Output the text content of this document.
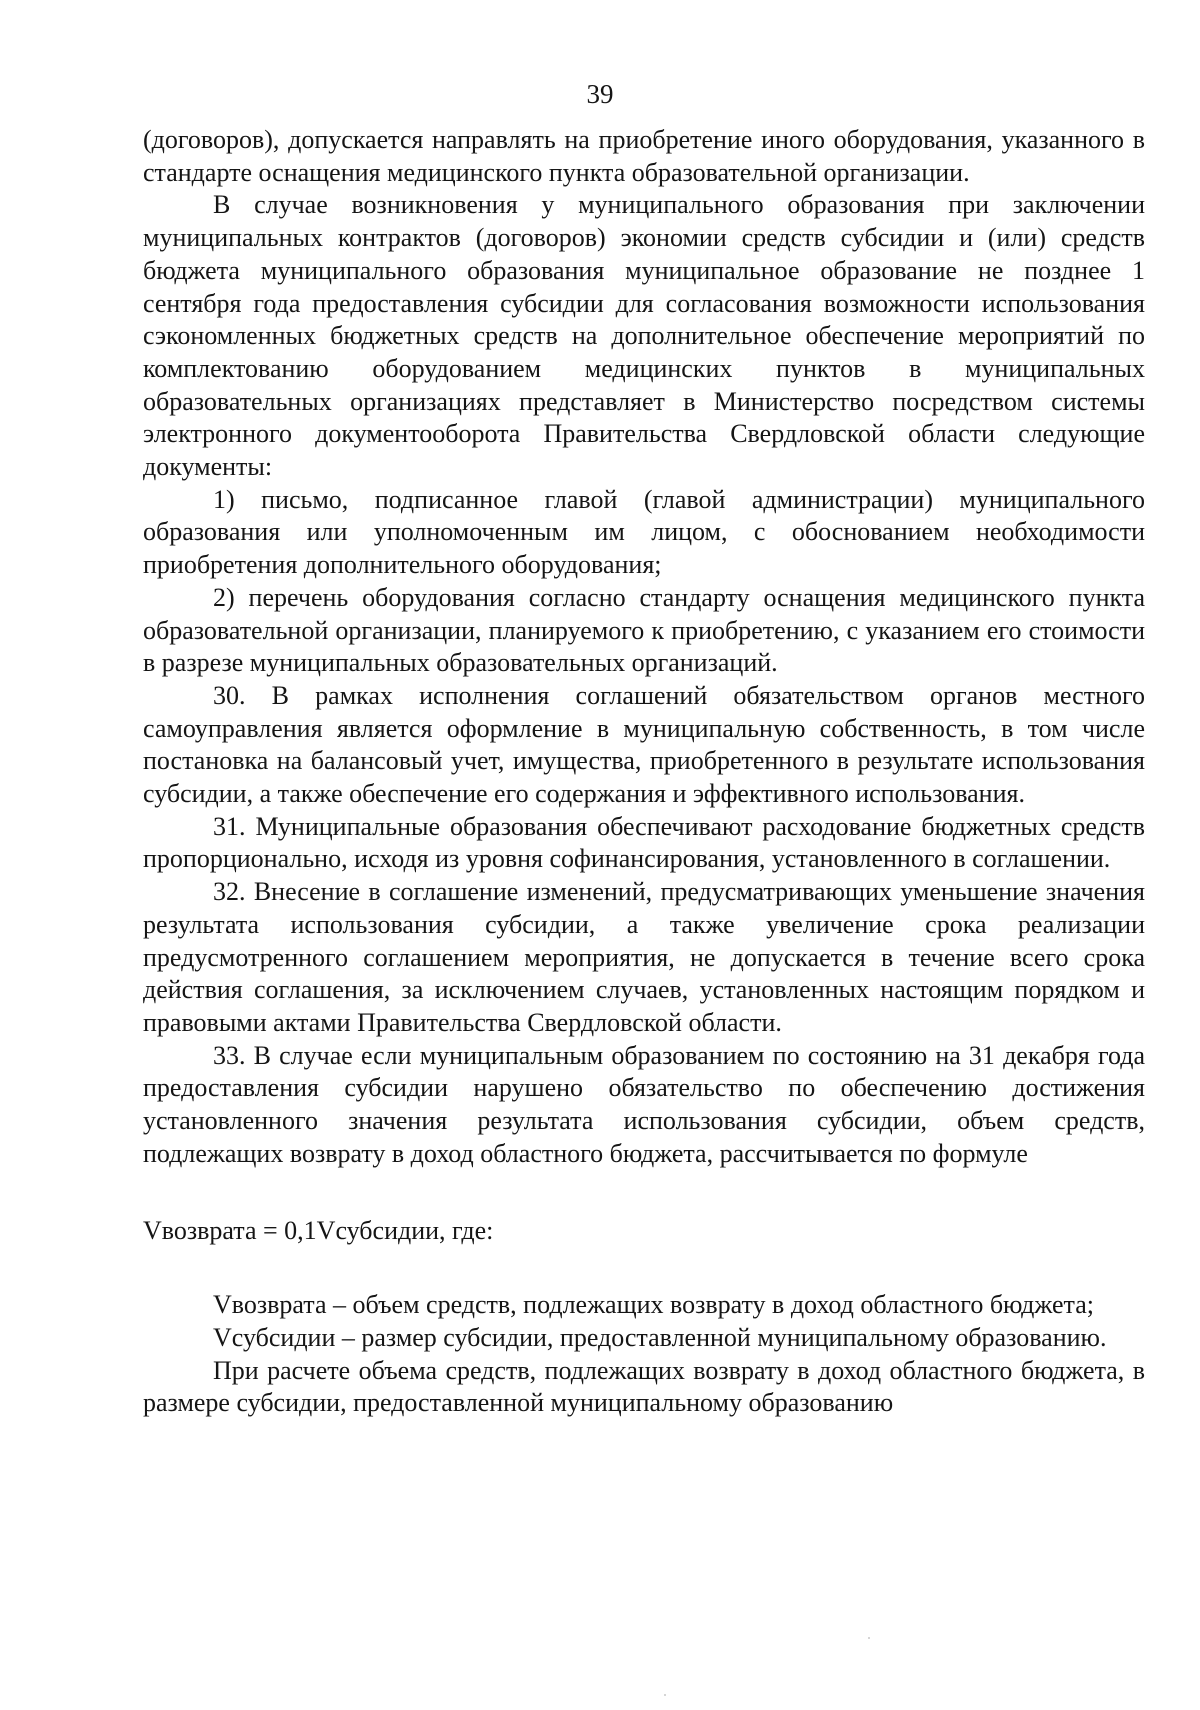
39

(договоров), допускается направлять на приобретение иного оборудования, указанного в стандарте оснащения медицинского пункта образовательной организации.

В случае возникновения у муниципального образования при заключении муниципальных контрактов (договоров) экономии средств субсидии и (или) средств бюджета муниципального образования муниципальное образование не позднее 1 сентября года предоставления субсидии для согласования возможности использования сэкономленных бюджетных средств на дополнительное обеспечение мероприятий по комплектованию оборудованием медицинских пунктов в муниципальных образовательных организациях представляет в Министерство посредством системы электронного документооборота Правительства Свердловской области следующие документы:

1) письмо, подписанное главой (главой администрации) муниципального образования или уполномоченным им лицом, с обоснованием необходимости приобретения дополнительного оборудования;

2) перечень оборудования согласно стандарту оснащения медицинского пункта образовательной организации, планируемого к приобретению, с указанием его стоимости в разрезе муниципальных образовательных организаций.

30. В рамках исполнения соглашений обязательством органов местного самоуправления является оформление в муниципальную собственность, в том числе постановка на балансовый учет, имущества, приобретенного в результате использования субсидии, а также обеспечение его содержания и эффективного использования.

31. Муниципальные образования обеспечивают расходование бюджетных средств пропорционально, исходя из уровня софинансирования, установленного в соглашении.

32. Внесение в соглашение изменений, предусматривающих уменьшение значения результата использования субсидии, а также увеличение срока реализации предусмотренного соглашением мероприятия, не допускается в течение всего срока действия соглашения, за исключением случаев, установленных настоящим порядком и правовыми актами Правительства Свердловской области.

33. В случае если муниципальным образованием по состоянию на 31 декабря года предоставления субсидии нарушено обязательство по обеспечению достижения установленного значения результата использования субсидии, объем средств, подлежащих возврату в доход областного бюджета, рассчитывается по формуле

Vвозврата = 0,1Vсубсидии, где:

Vвозврата – объем средств, подлежащих возврату в доход областного бюджета;

Vсубсидии – размер субсидии, предоставленной муниципальному образованию.

При расчете объема средств, подлежащих возврату в доход областного бюджета, в размере субсидии, предоставленной муниципальному образованию
